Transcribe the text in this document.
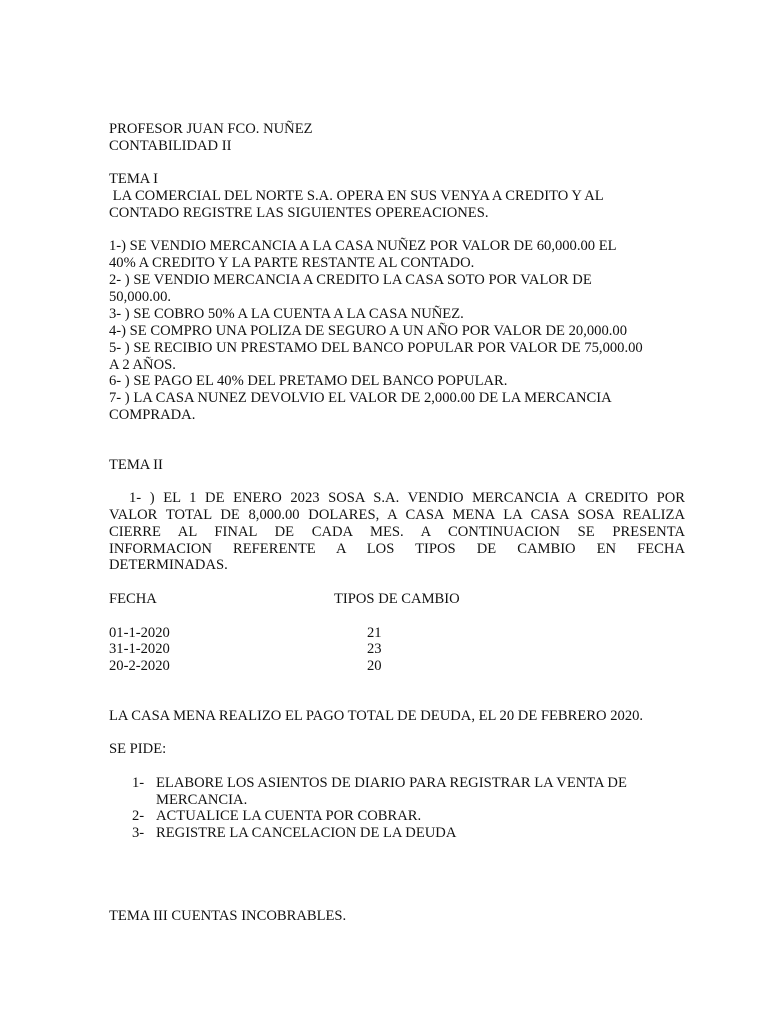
PROFESOR JUAN FCO. NUÑEZ
CONTABILIDAD II
TEMA I
LA COMERCIAL DEL NORTE S.A. OPERA EN SUS VENYA A CREDITO Y AL
CONTADO REGISTRE LAS SIGUIENTES OPEREACIONES.
1-) SE VENDIO MERCANCIA A LA CASA NUÑEZ POR VALOR DE 60,000.00 EL
40% A CREDITO Y LA PARTE RESTANTE AL CONTADO.
2- ) SE VENDIO MERCANCIA A CREDITO LA CASA SOTO POR VALOR DE
50,000.00.
3- ) SE COBRO 50% A LA CUENTA A LA CASA NUÑEZ.
4-) SE COMPRO UNA POLIZA DE SEGURO A UN AÑO POR VALOR DE 20,000.00
5- ) SE RECIBIO UN PRESTAMO DEL BANCO POPULAR POR VALOR DE 75,000.00
A 2 AÑOS.
6- ) SE PAGO EL 40% DEL PRETAMO DEL BANCO POPULAR.
7- ) LA CASA NUNEZ DEVOLVIO EL VALOR DE 2,000.00 DE LA MERCANCIA
COMPRADA.
TEMA II
1- ) EL 1 DE ENERO 2023 SOSA S.A. VENDIO MERCANCIA A CREDITO POR
VALOR TOTAL DE 8,000.00 DOLARES, A CASA MENA LA CASA SOSA REALIZA
CIERRE AL FINAL DE CADA MES. A CONTINUACION SE PRESENTA
INFORMACION REFERENTE A LOS TIPOS DE CAMBIO EN FECHA
DETERMINADAS.
FECHA	TIPOS DE CAMBIO
01-1-2020	21
31-1-2020	23
20-2-2020	20
LA CASA MENA REALIZO EL PAGO TOTAL DE DEUDA, EL 20 DE FEBRERO 2020.
SE PIDE:
1- ELABORE LOS ASIENTOS DE DIARIO PARA REGISTRAR LA VENTA DE
MERCANCIA.
2- ACTUALICE LA CUENTA POR COBRAR.
3- REGISTRE LA CANCELACION DE LA DEUDA
TEMA III CUENTAS INCOBRABLES.
